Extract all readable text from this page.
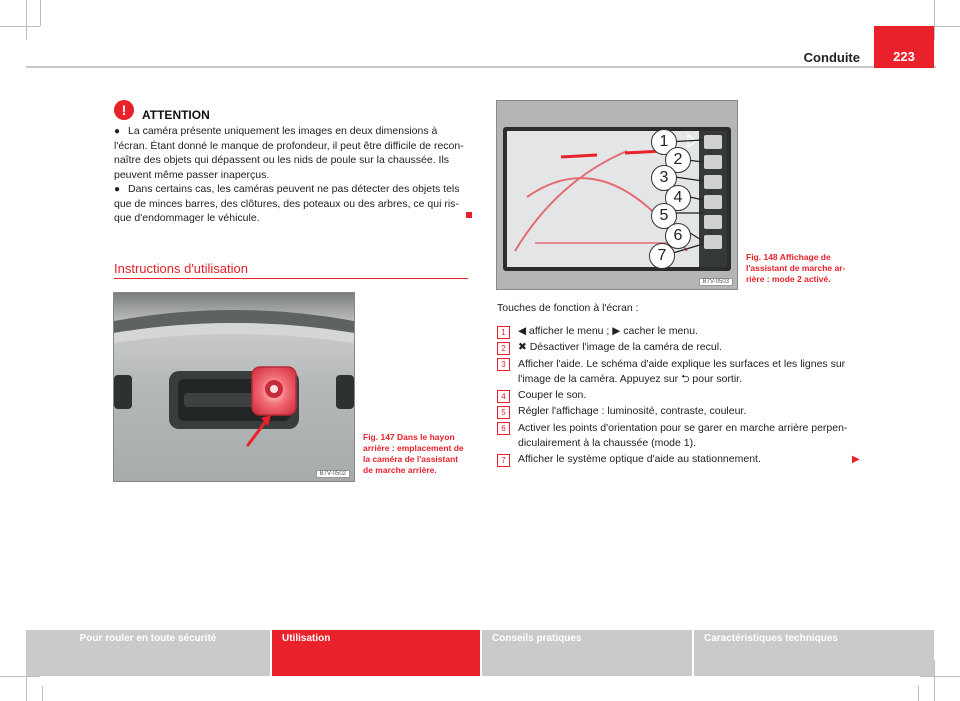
Conduite	223
!	ATTENTION
● La caméra présente uniquement les images en deux dimensions à
l'écran. Étant donné le manque de profondeur, il peut être difficile de recon-
naître des objets qui dépassent ou les nids de poule sur la chaussée. Ils
peuvent même passer inaperçus.
● Dans certains cas, les caméras peuvent ne pas détecter des objets tels
que de minces barres, des clôtures, des poteaux ou des arbres, ce qui ris-
que d'endommager le véhicule.
Instructions d'utilisation
B7V-0502
Fig. 147 Dans le hayon
arrière : emplacement de
la caméra de l'assistant
de marche arrière.
1
2
3
4
5
6
7
B7V-0503
Fig. 148 Affichage de
l'assistant de marche ar-
rière : mode 2 activé.
Touches de fonction à l'écran :
1	◀ afficher le menu ; ▶ cacher le menu.
2	✖ Désactiver l'image de la caméra de recul.
3	Afficher l'aide. Le schéma d'aide explique les surfaces et les lignes sur
l'image de la caméra. Appuyez sur ⮌ pour sortir.
4	Couper le son.
5	Régler l'affichage : luminosité, contraste, couleur.
6	Activer les points d'orientation pour se garer en marche arrière perpen-
diculairement à la chaussée (mode 1).
7	Afficher le système optique d'aide au stationnement.	▶
Pour rouler en toute sécurité	Utilisation	Conseils pratiques	Caractéristiques techniques
